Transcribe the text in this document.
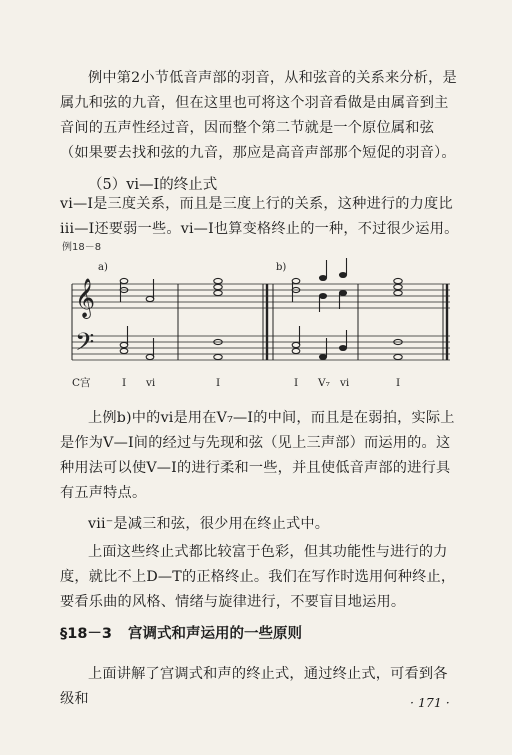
例中第2小节低音声部的羽音，从和弦音的关系来分析，是属九和弦的九音，但在这里也可将这个羽音看做是由属音到主音间的五声性经过音，因而整个第二节就是一个原位属和弦（如果要去找和弦的九音，那应是高音声部那个短促的羽音）。

（5）vi—I的终止式

vi—I是三度关系，而且是三度上行的关系，这种进行的力度比iii—I还要弱一些。vi—I也算变格终止的一种，不过很少运用。

例18－8
𝄞
𝄢
a)	b)
C宫	I vi	I	I V₇ vi	I

上例b)中的vi是用在V₇—I的中间，而且是在弱拍，实际上是作为V—I间的经过与先现和弦（见上三声部）而运用的。这种用法可以使V—I的进行柔和一些，并且使低音声部的进行具有五声特点。

vii⁻是减三和弦，很少用在终止式中。

上面这些终止式都比较富于色彩，但其功能性与进行的力度，就比不上D—T的正格终止。我们在写作时选用何种终止，要看乐曲的风格、情绪与旋律进行，不要盲目地运用。

§18－3 宫调式和声运用的一些原则

上面讲解了宫调式和声的终止式，通过终止式，可看到各级和	· 171 ·
